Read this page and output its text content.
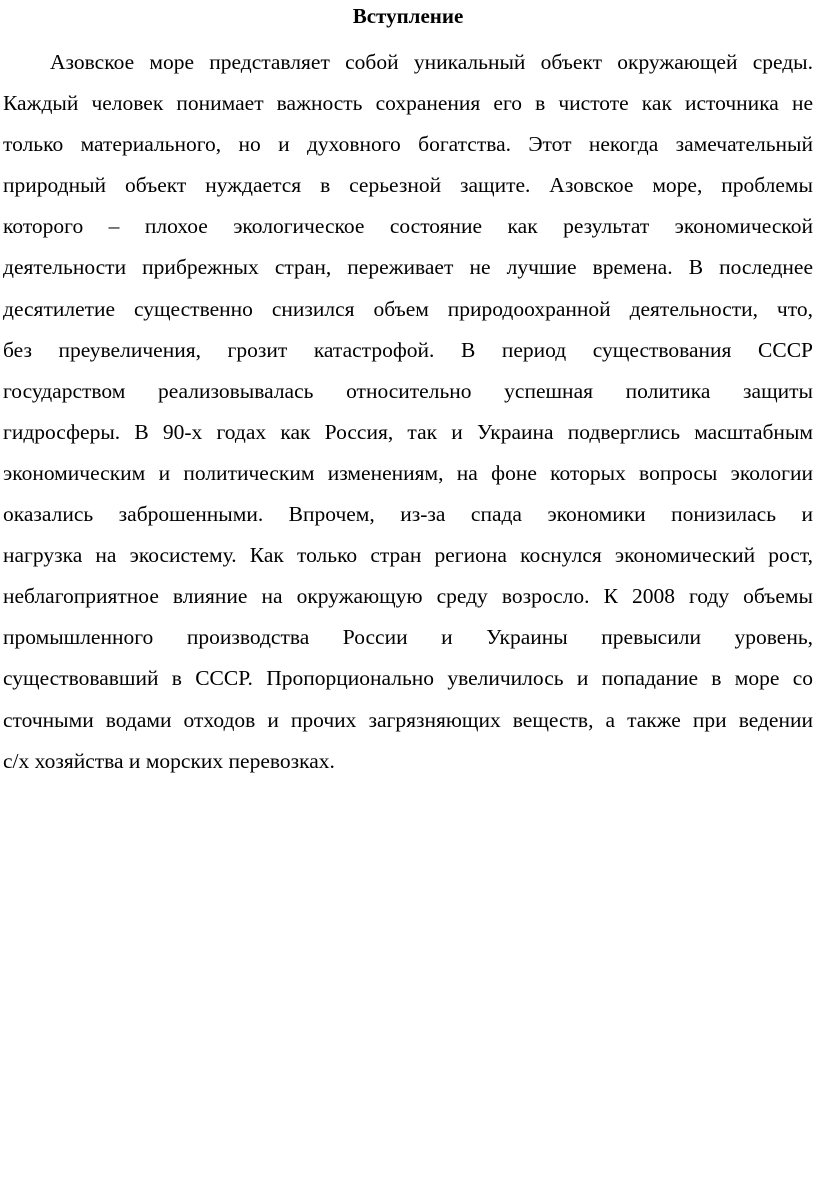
Вступление
Азовское море представляет собой уникальный объект окружающей среды.
Каждый человек понимает важность сохранения его в чистоте как источника не
только материального, но и духовного богатства. Этот некогда замечательный
природный объект нуждается в серьезной защите. Азовское море, проблемы
которого – плохое экологическое состояние как результат экономической
деятельности прибрежных стран, переживает не лучшие времена. В последнее
десятилетие существенно снизился объем природоохранной деятельности, что,
без преувеличения, грозит катастрофой. В период существования СССР
государством реализовывалась относительно успешная политика защиты
гидросферы. В 90-х годах как Россия, так и Украина подверглись масштабным
экономическим и политическим изменениям, на фоне которых вопросы экологии
оказались заброшенными. Впрочем, из-за спада экономики понизилась и
нагрузка на экосистему. Как только стран региона коснулся экономический рост,
неблагоприятное влияние на окружающую среду возросло. К 2008 году объемы
промышленного производства России и Украины превысили уровень,
существовавший в СССР. Пропорционально увеличилось и попадание в море со
сточными водами отходов и прочих загрязняющих веществ, а также при ведении
с/х хозяйства и морских перевозках.
